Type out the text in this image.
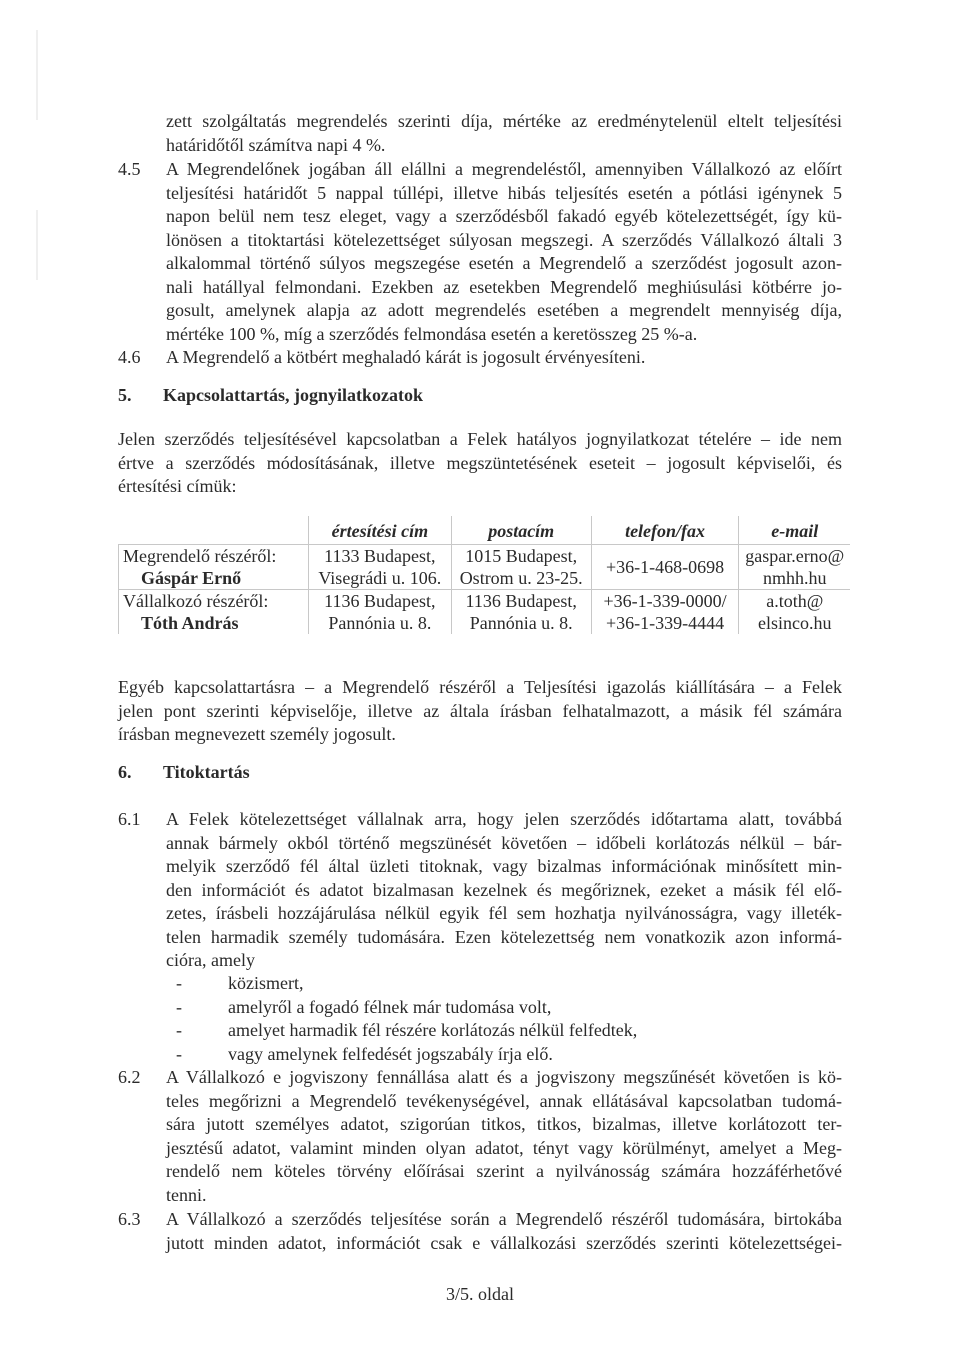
zett szolgáltatás megrendelés szerinti díja, mértéke az eredménytelenül eltelt teljesítési
határidőtől számítva napi 4 %.
4.5 A Megrendelőnek jogában áll elállni a megrendeléstől, amennyiben Vállalkozó az előírt
teljesítési határidőt 5 nappal túllépi, illetve hibás teljesítés esetén a pótlási igénynek 5
napon belül nem tesz eleget, vagy a szerződésből fakadó egyéb kötelezettségét, így kü-
lönösen a titoktartási kötelezettséget súlyosan megszegi. A szerződés Vállalkozó általi 3
alkalommal történő súlyos megszegése esetén a Megrendelő a szerződést jogosult azon-
nali hatállyal felmondani. Ezekben az esetekben Megrendelő meghiúsulási kötbérre jo-
gosult, amelynek alapja az adott megrendelés esetében a megrendelt mennyiség díja,
mértéke 100 %, míg a szerződés felmondása esetén a keretösszeg 25 %-a.
4.6 A Megrendelő a kötbért meghaladó kárát is jogosult érvényesíteni.
5. Kapcsolattartás, jognyilatkozatok
Jelen szerződés teljesítésével kapcsolatban a Felek hatályos jognyilatkozat tételére – ide nem
értve a szerződés módosításának, illetve megszüntetésének eseteit – jogosult képviselői, és
értesítési címük:
	értesítési cím	postacím	telefon/fax	e-mail
Megrendelő részéről:	1133 Budapest,	1015 Budapest,	+36-1-468-0698	gaspar.erno@
Gáspár Ernő	Visegrádi u. 106.	Ostrom u. 23-25.		nmhh.hu
Vállalkozó részéről:	1136 Budapest,	1136 Budapest,	+36-1-339-0000/	a.toth@
Tóth András	Pannónia u. 8.	Pannónia u. 8.	+36-1-339-4444	elsinco.hu
Egyéb kapcsolattartásra – a Megrendelő részéről a Teljesítési igazolás kiállítására – a Felek
jelen pont szerinti képviselője, illetve az általa írásban felhatalmazott, a másik fél számára
írásban megnevezett személy jogosult.
6. Titoktartás
6.1 A Felek kötelezettséget vállalnak arra, hogy jelen szerződés időtartama alatt, továbbá
annak bármely okból történő megszünését követően – időbeli korlátozás nélkül – bár-
melyik szerződő fél által üzleti titoknak, vagy bizalmas információnak minősített min-
den információt és adatot bizalmasan kezelnek és megőriznek, ezeket a másik fél elő-
zetes, írásbeli hozzájárulása nélkül egyik fél sem hozhatja nyilvánosságra, vagy illeték-
telen harmadik személy tudomására. Ezen kötelezettség nem vonatkozik azon informá-
cióra, amely
-	közismert,
-	amelyről a fogadó félnek már tudomása volt,
-	amelyet harmadik fél részére korlátozás nélkül felfedtek,
-	vagy amelynek felfedését jogszabály írja elő.
6.2 A Vállalkozó e jogviszony fennállása alatt és a jogviszony megszűnését követően is kö-
teles megőrizni a Megrendelő tevékenységével, annak ellátásával kapcsolatban tudomá-
sára jutott személyes adatot, szigorúan titkos, titkos, bizalmas, illetve korlátozott ter-
jesztésű adatot, valamint minden olyan adatot, tényt vagy körülményt, amelyet a Meg-
rendelő nem köteles törvény előírásai szerint a nyilvánosság számára hozzáférhetővé
tenni.
6.3 A Vállalkozó a szerződés teljesítése során a Megrendelő részéről tudomására, birtokába
jutott minden adatot, információt csak e vállalkozási szerződés szerinti kötelezettségei-
3/5. oldal
